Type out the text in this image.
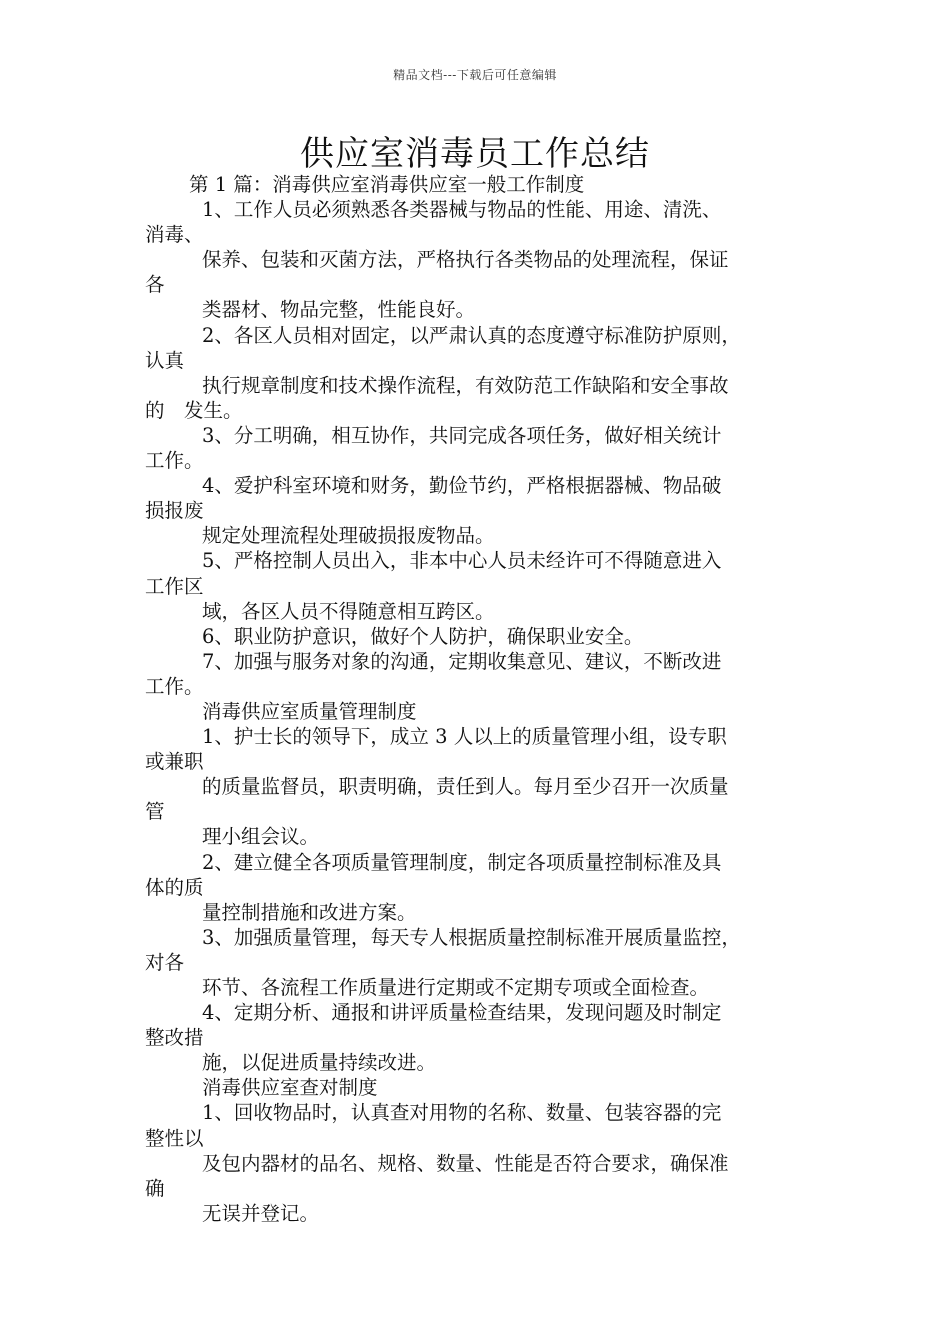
精品文档---下载后可任意编辑
供应室消毒员工作总结
第 1 篇：消毒供应室消毒供应室一般工作制度
1、工作人员必须熟悉各类器械与物品的性能、用途、清洗、
消毒、
保养、包装和灭菌方法，严格执行各类物品的处理流程，保证
各
类器材、物品完整，性能良好。
2、各区人员相对固定，以严肃认真的态度遵守标准防护原则，
认真
执行规章制度和技术操作流程，有效防范工作缺陷和安全事故
的　发生。
3、分工明确，相互协作，共同完成各项任务，做好相关统计
工作。
4、爱护科室环境和财务，勤俭节约，严格根据器械、物品破
损报废
规定处理流程处理破损报废物品。
5、严格控制人员出入，非本中心人员未经许可不得随意进入
工作区
域，各区人员不得随意相互跨区。
6、职业防护意识，做好个人防护，确保职业安全。
7、加强与服务对象的沟通，定期收集意见、建议，不断改进
工作。
消毒供应室质量管理制度
1、护士长的领导下，成立 3 人以上的质量管理小组，设专职
或兼职
的质量监督员，职责明确，责任到人。每月至少召开一次质量
管
理小组会议。
2、建立健全各项质量管理制度，制定各项质量控制标准及具
体的质
量控制措施和改进方案。
3、加强质量管理，每天专人根据质量控制标准开展质量监控，
对各
环节、各流程工作质量进行定期或不定期专项或全面检查。
4、定期分析、通报和讲评质量检查结果，发现问题及时制定
整改措
施，以促进质量持续改进。
消毒供应室查对制度
1、回收物品时，认真查对用物的名称、数量、包装容器的完
整性以
及包内器材的品名、规格、数量、性能是否符合要求，确保准
确
无误并登记。
